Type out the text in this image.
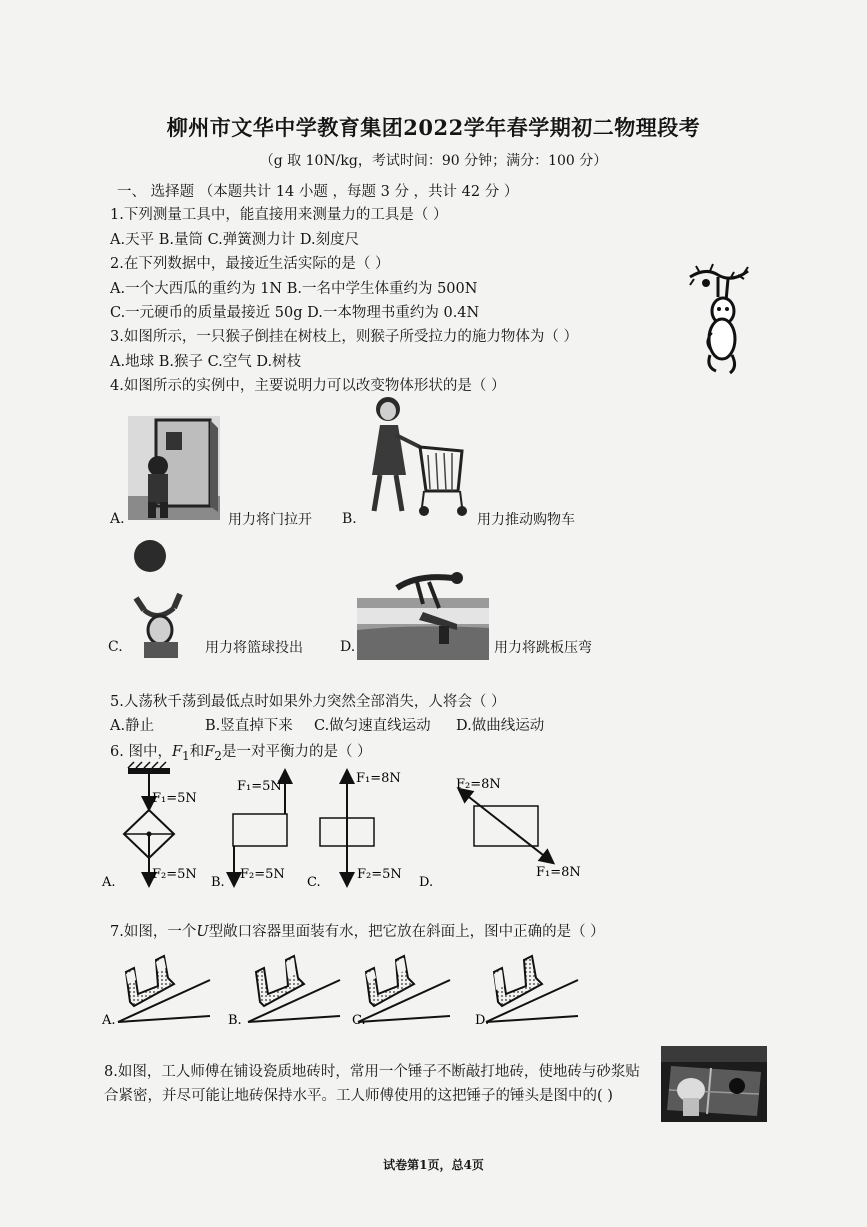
柳州市文华中学教育集团2022学年春学期初二物理段考
（g 取 10N/kg，考试时间：90 分钟；满分：100 分）
一、 选择题 （本题共计 14 小题 ，每题 3 分 ，共计 42 分 ）
1.下列测量工具中，能直接用来测量力的工具是（ ）
A.天平 B.量筒 C.弹簧测力计 D.刻度尺
2.在下列数据中，最接近生活实际的是（ ）
A.一个大西瓜的重约为 1N B.一名中学生体重约为 500N
C.一元硬币的质量最接近 50g D.一本物理书重约为 0.4N
3.如图所示，一只猴子倒挂在树枝上，则猴子所受拉力的施力物体为（ ）
A.地球 B.猴子 C.空气 D.树枝
4.如图所示的实例中，主要说明力可以改变物体形状的是（ ）
A.	用力将门拉开 B.	用力推动购物车
C.	用力将篮球投出	D.	用力将跳板压弯
5.人荡秋千荡到最低点时如果外力突然全部消失，人将会（ ）
A.静止	B.竖直掉下来 C.做匀速直线运动 D.做曲线运动
6. 图中，$F_1$和$F_2$是一对平衡力的是（ ）
F₁=5N
F₂=5N
F₁=5N
F₂=5N
F₁=8N
F₂=5N
F₂=8N
F₁=8N
A.	B.	C.	D.
7.如图，一个U型敞口容器里面装有水，把它放在斜面上，图中正确的是（ ）
A.	B.	C.	D.
8.如图，工人师傅在铺设瓷质地砖时，常用一个锤子不断敲打地砖，使地砖与砂浆贴
合紧密，并尽可能让地砖保持水平。工人师傅使用的这把锤子的锤头是图中的( )
试卷第1页，总4页
